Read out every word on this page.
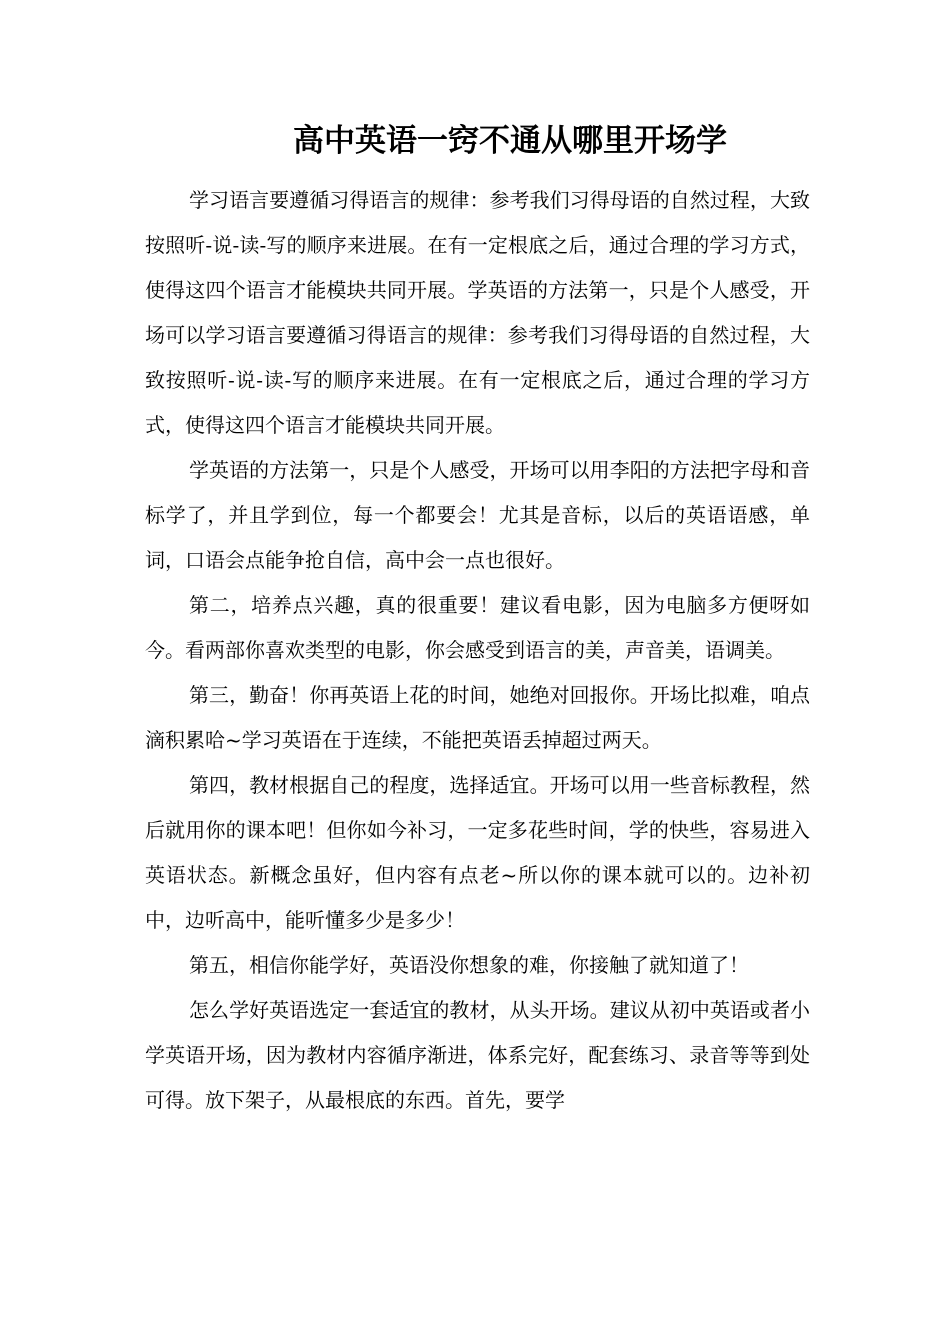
高中英语一窍不通从哪里开场学

学习语言要遵循习得语言的规律：参考我们习得母语的自然过程，大致按照听-说-读-写的顺序来进展。在有一定根底之后，通过合理的学习方式，使得这四个语言才能模块共同开展。学英语的方法第一，只是个人感受，开场可以学习语言要遵循习得语言的规律：参考我们习得母语的自然过程，大致按照听-说-读-写的顺序来进展。在有一定根底之后，通过合理的学习方式，使得这四个语言才能模块共同开展。

学英语的方法第一，只是个人感受，开场可以用李阳的方法把字母和音标学了，并且学到位，每一个都要会！尤其是音标，以后的英语语感，单词，口语会点能争抢自信，高中会一点也很好。

第二，培养点兴趣，真的很重要！建议看电影，因为电脑多方便呀如今。看两部你喜欢类型的电影，你会感受到语言的美，声音美，语调美。

第三，勤奋！你再英语上花的时间，她绝对回报你。开场比拟难，咱点滴积累哈~学习英语在于连续，不能把英语丢掉超过两天。

第四，教材根据自己的程度，选择适宜。开场可以用一些音标教程，然后就用你的课本吧！但你如今补习，一定多花些时间，学的快些，容易进入英语状态。新概念虽好，但内容有点老~所以你的课本就可以的。边补初中，边听高中，能听懂多少是多少！

第五，相信你能学好，英语没你想象的难，你接触了就知道了！

怎么学好英语选定一套适宜的教材，从头开场。建议从初中英语或者小学英语开场，因为教材内容循序渐进，体系完好，配套练习、录音等等到处可得。放下架子，从最根底的东西。首先，要学
